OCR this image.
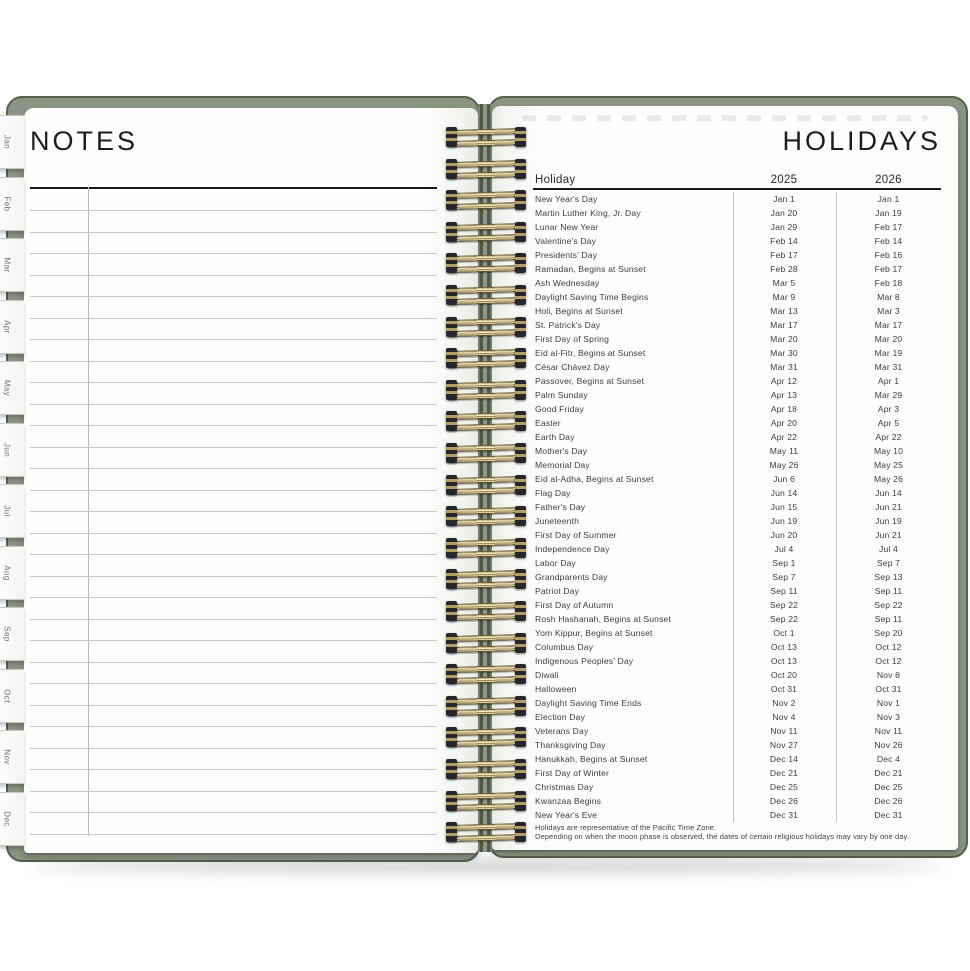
NOTES	HOLIDAYS
Holiday	2025	2026
New Year's Day	Jan 1	Jan 1
Martin Luther King, Jr. Day	Jan 20	Jan 19
Lunar New Year	Jan 29	Feb 17
Valentine's Day	Feb 14	Feb 14
Presidents' Day	Feb 17	Feb 16
Ramadan, Begins at Sunset	Feb 28	Feb 17
Ash Wednesday	Mar 5	Feb 18
Daylight Saving Time Begins	Mar 9	Mar 8
Holi, Begins at Sunset	Mar 13	Mar 3
St. Patrick's Day	Mar 17	Mar 17
First Day of Spring	Mar 20	Mar 20
Eid al-Fitr, Begins at Sunset	Mar 30	Mar 19
César Chávez Day	Mar 31	Mar 31
Passover, Begins at Sunset	Apr 12	Apr 1
Palm Sunday	Apr 13	Mar 29
Good Friday	Apr 18	Apr 3
Easter	Apr 20	Apr 5
Earth Day	Apr 22	Apr 22
Mother's Day	May 11	May 10
Memorial Day	May 26	May 25
Eid al-Adha, Begins at Sunset	Jun 6	May 26
Flag Day	Jun 14	Jun 14
Father's Day	Jun 15	Jun 21
Juneteenth	Jun 19	Jun 19
First Day of Summer	Jun 20	Jun 21
Independence Day	Jul 4	Jul 4
Labor Day	Sep 1	Sep 7
Grandparents Day	Sep 7	Sep 13
Patriot Day	Sep 11	Sep 11
First Day of Autumn	Sep 22	Sep 22
Rosh Hashanah, Begins at Sunset	Sep 22	Sep 11
Yom Kippur, Begins at Sunset	Oct 1	Sep 20
Columbus Day	Oct 13	Oct 12
Indigenous Peoples' Day	Oct 13	Oct 12
Diwali	Oct 20	Nov 8
Halloween	Oct 31	Oct 31
Daylight Saving Time Ends	Nov 2	Nov 1
Election Day	Nov 4	Nov 3
Veterans Day	Nov 11	Nov 11
Thanksgiving Day	Nov 27	Nov 26
Hanukkah, Begins at Sunset	Dec 14	Dec 4
First Day of Winter	Dec 21	Dec 21
Christmas Day	Dec 25	Dec 25
Kwanzaa Begins	Dec 26	Dec 26
New Year's Eve	Dec 31	Dec 31
Holidays are representative of the Pacific Time Zone.
Depending on when the moon phase is observed, the dates of certain religious holidays may vary by one day.
Jan
Feb
Mar
Apr
May
Jun
Jul
Aug
Sep
Oct
Nov
Dec
